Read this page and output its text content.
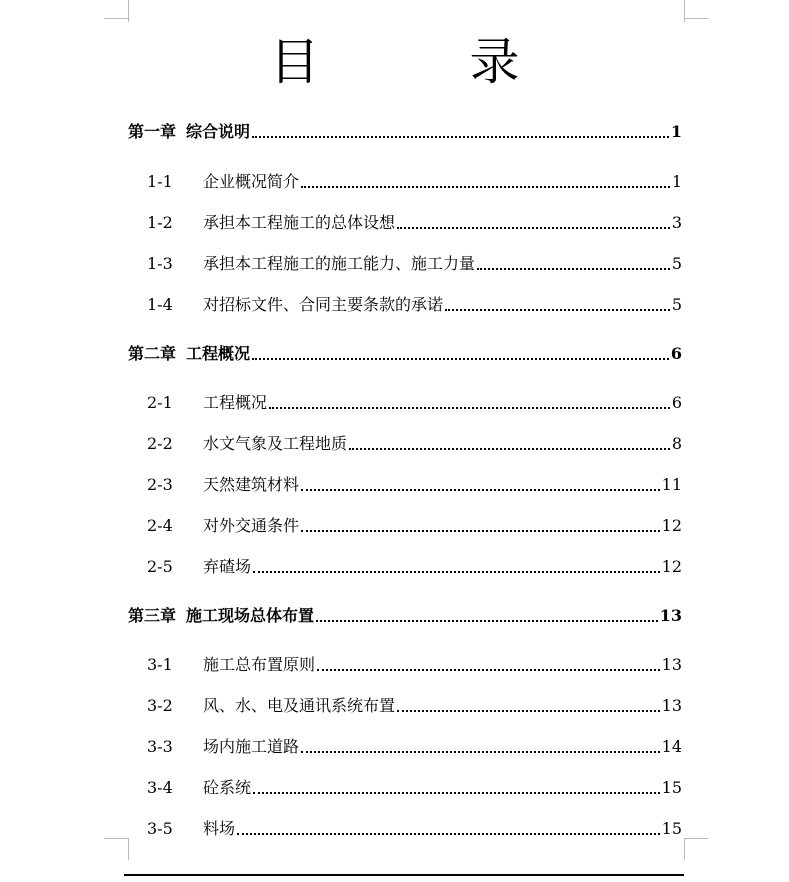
目　录
第一章 综合说明	1
1-1	企业概况简介	1
1-2	承担本工程施工的总体设想	3
1-3	承担本工程施工的施工能力、施工力量	5
1-4	对招标文件、合同主要条款的承诺	5
第二章 工程概况	6
2-1	工程概况	6
2-2	水文气象及工程地质	8
2-3	天然建筑材料	11
2-4	对外交通条件	12
2-5	弃碴场	12
第三章 施工现场总体布置	13
3-1	施工总布置原则	13
3-2	风、水、电及通讯系统布置	13
3-3	场内施工道路	14
3-4	砼系统	15
3-5	料场	15
